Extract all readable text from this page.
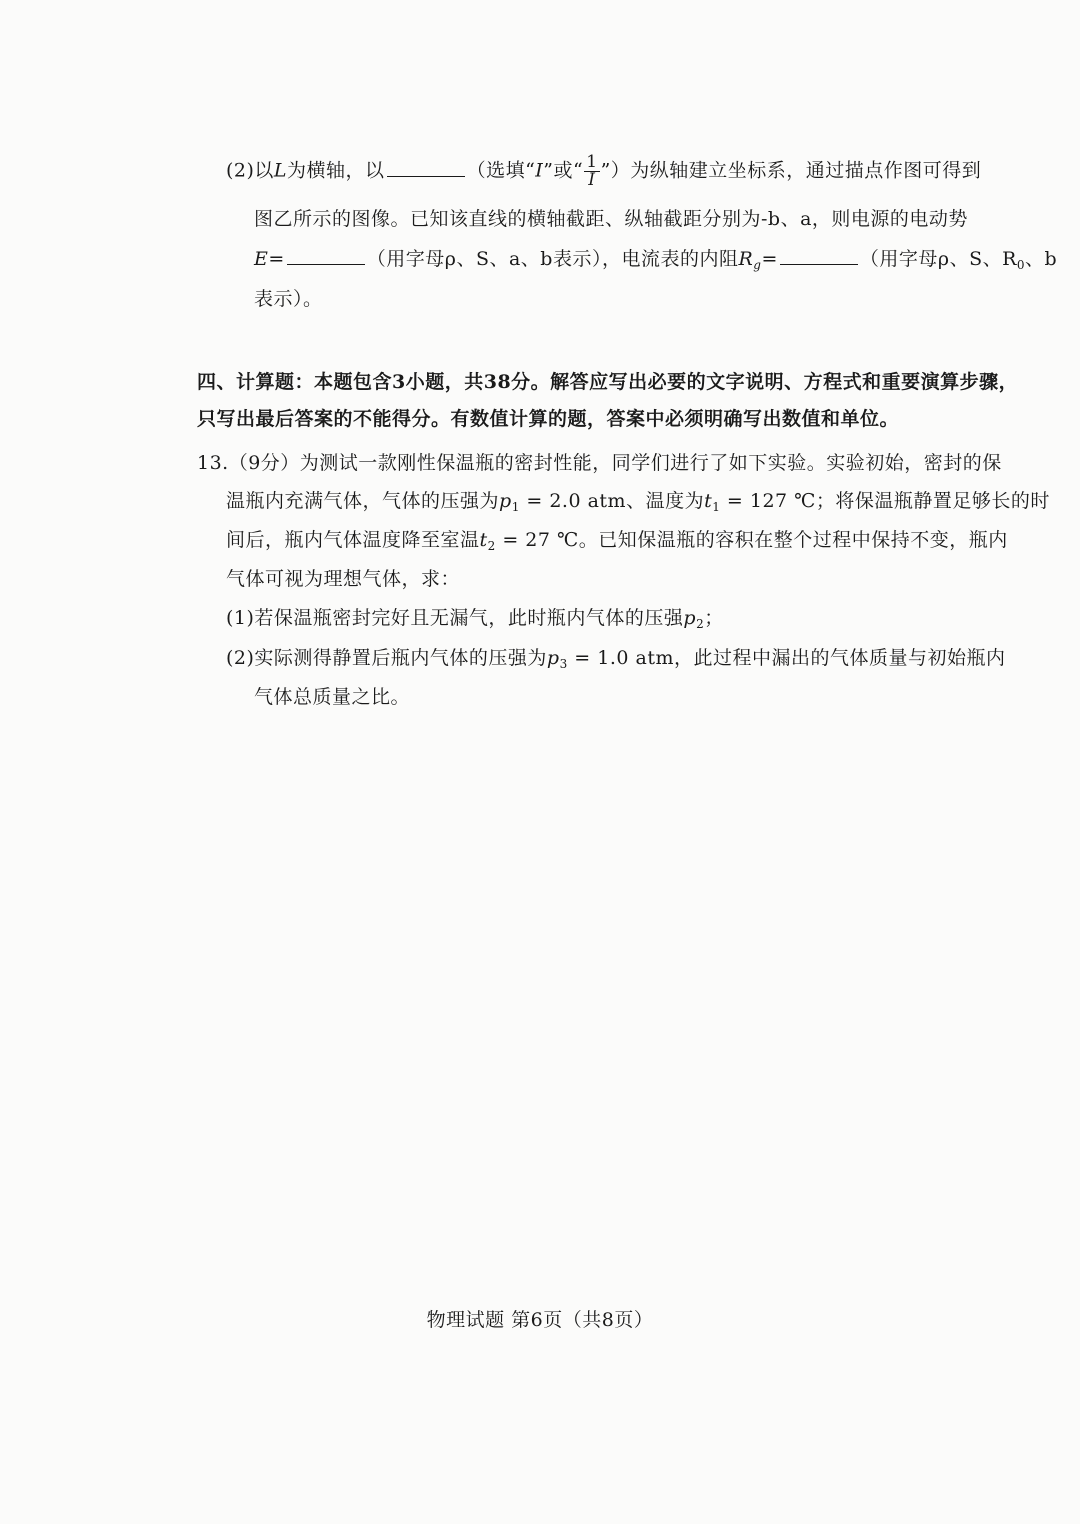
(2)以L为横轴，以	（选填“I”或“ $\frac{1}{I}$ ”）为纵轴建立坐标系，通过描点作图可得到
图乙所示的图像。已知该直线的横轴截距、纵轴截距分别为-b、a，则电源的电动势
E=	（用字母ρ、S、a、b表示），电流表的内阻$R_g=$	（用字母ρ、S、$R_0$、b
表示）。
四、计算题：本题包含3小题，共38分。解答应写出必要的文字说明、方程式和重要演算步骤，
只写出最后答案的不能得分。有数值计算的题，答案中必须明确写出数值和单位。
13.（9分）为测试一款刚性保温瓶的密封性能，同学们进行了如下实验。实验初始，密封的保
温瓶内充满气体，气体的压强为$p_1 = 2.0$ atm、温度为$t_1 = 127$ ℃；将保温瓶静置足够长的时
间后，瓶内气体温度降至室温$t_2 = 27$ ℃。已知保温瓶的容积在整个过程中保持不变，瓶内
气体可视为理想气体，求：
(1)若保温瓶密封完好且无漏气，此时瓶内气体的压强$p_2$；
(2)实际测得静置后瓶内气体的压强为$p_3 = 1.0$ atm，此过程中漏出的气体质量与初始瓶内
气体总质量之比。
物理试题 第6页（共8页）
